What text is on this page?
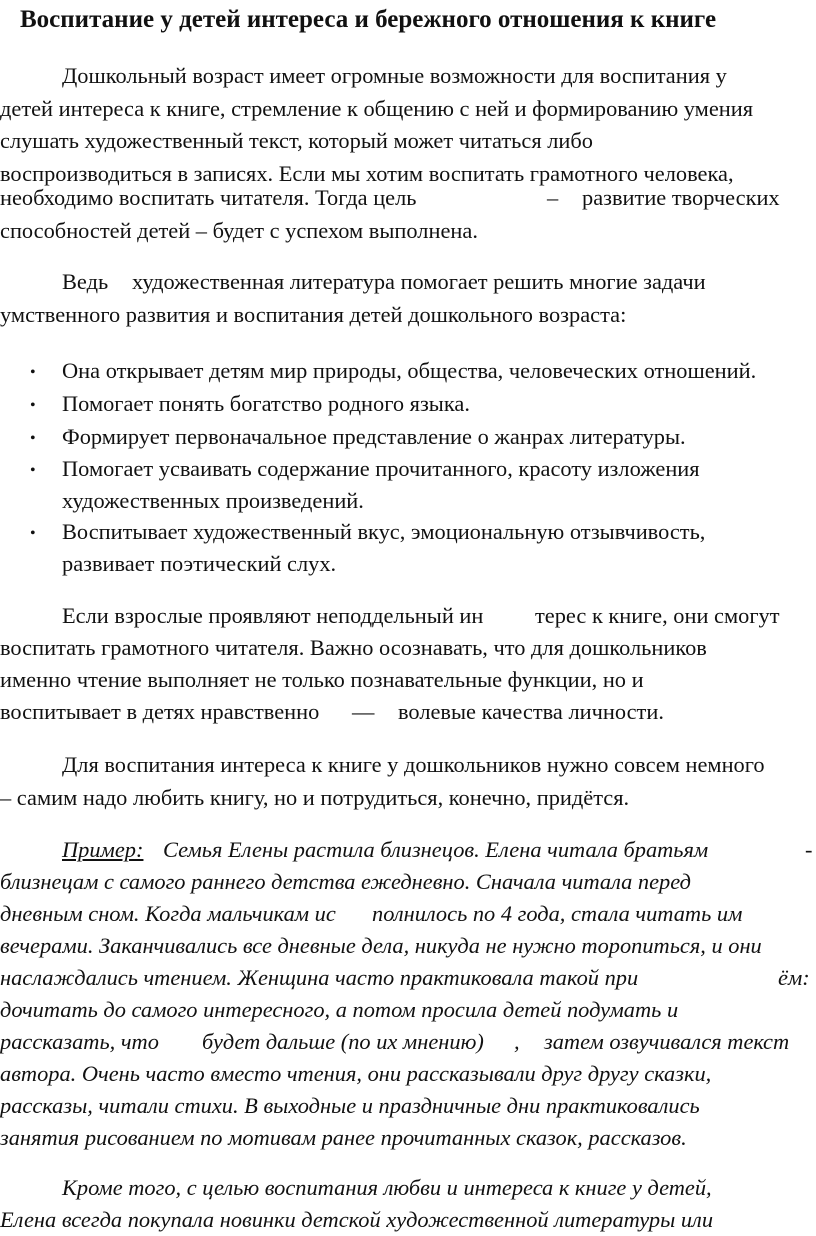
Воспитание у детей интереса и бережного отношения к книге
Дошкольный возраст имеет огромные возможности для воспитания у
детей интереса к книге, стремление к общению с ней и формированию умения
слушать художественный текст, который может читаться либо
воспроизводиться в записях. Если мы хотим воспитать грамотного человека,
необходимо воспитать читателя. Тогда цель	– развитие творческих
способностей детей – будет с успехом выполнена.
Ведь художественная литература помогает решить многие задачи
умственного развития и воспитания детей дошкольного возраста:
• Она открывает детям мир природы, общества, человеческих отношений.
• Помогает понять богатство родного языка.
• Формирует первоначальное представление о жанрах литературы.
• Помогает усваивать содержание прочитанного, красоту изложения
художественных произведений.
• Воспитывает художественный вкус, эмоциональную отзывчивость,
развивает поэтический слух.
Если взрослые проявляют неподдельный ин терес к книге, они смогут
воспитать грамотного читателя. Важно осознавать, что для дошкольников
именно чтение выполняет не только познавательные функции, но и
воспитывает в детях нравственно — волевые качества личности.
Для воспитания интереса к книге у дошкольников нужно совсем немного
– самим надо любить книгу, но и потрудиться, конечно, придётся.
Пример: Семья Елены растила близнецов. Елена читала братьям	-
близнецам с самого раннего детства ежедневно. Сначала читала перед
дневным сном. Когда мальчикам ис полнилось по 4 года, стала читать им
вечерами. Заканчивались все дневные дела, никуда не нужно торопиться, и они
наслаждались чтением. Женщина часто практиковала такой при	ём:
дочитать до самого интересного, а потом просила детей подумать и
рассказать, что будет дальше (по их мнению) , затем озвучивался текст
автора. Очень часто вместо чтения, они рассказывали друг другу сказки,
рассказы, читали стихи. В выходные и праздничные дни практиковались
занятия рисованием по мотивам ранее прочитанных сказок, рассказов.
Кроме того, с целью воспитания любви и интереса к книге у детей,
Елена всегда покупала новинки детской художественной литературы или
